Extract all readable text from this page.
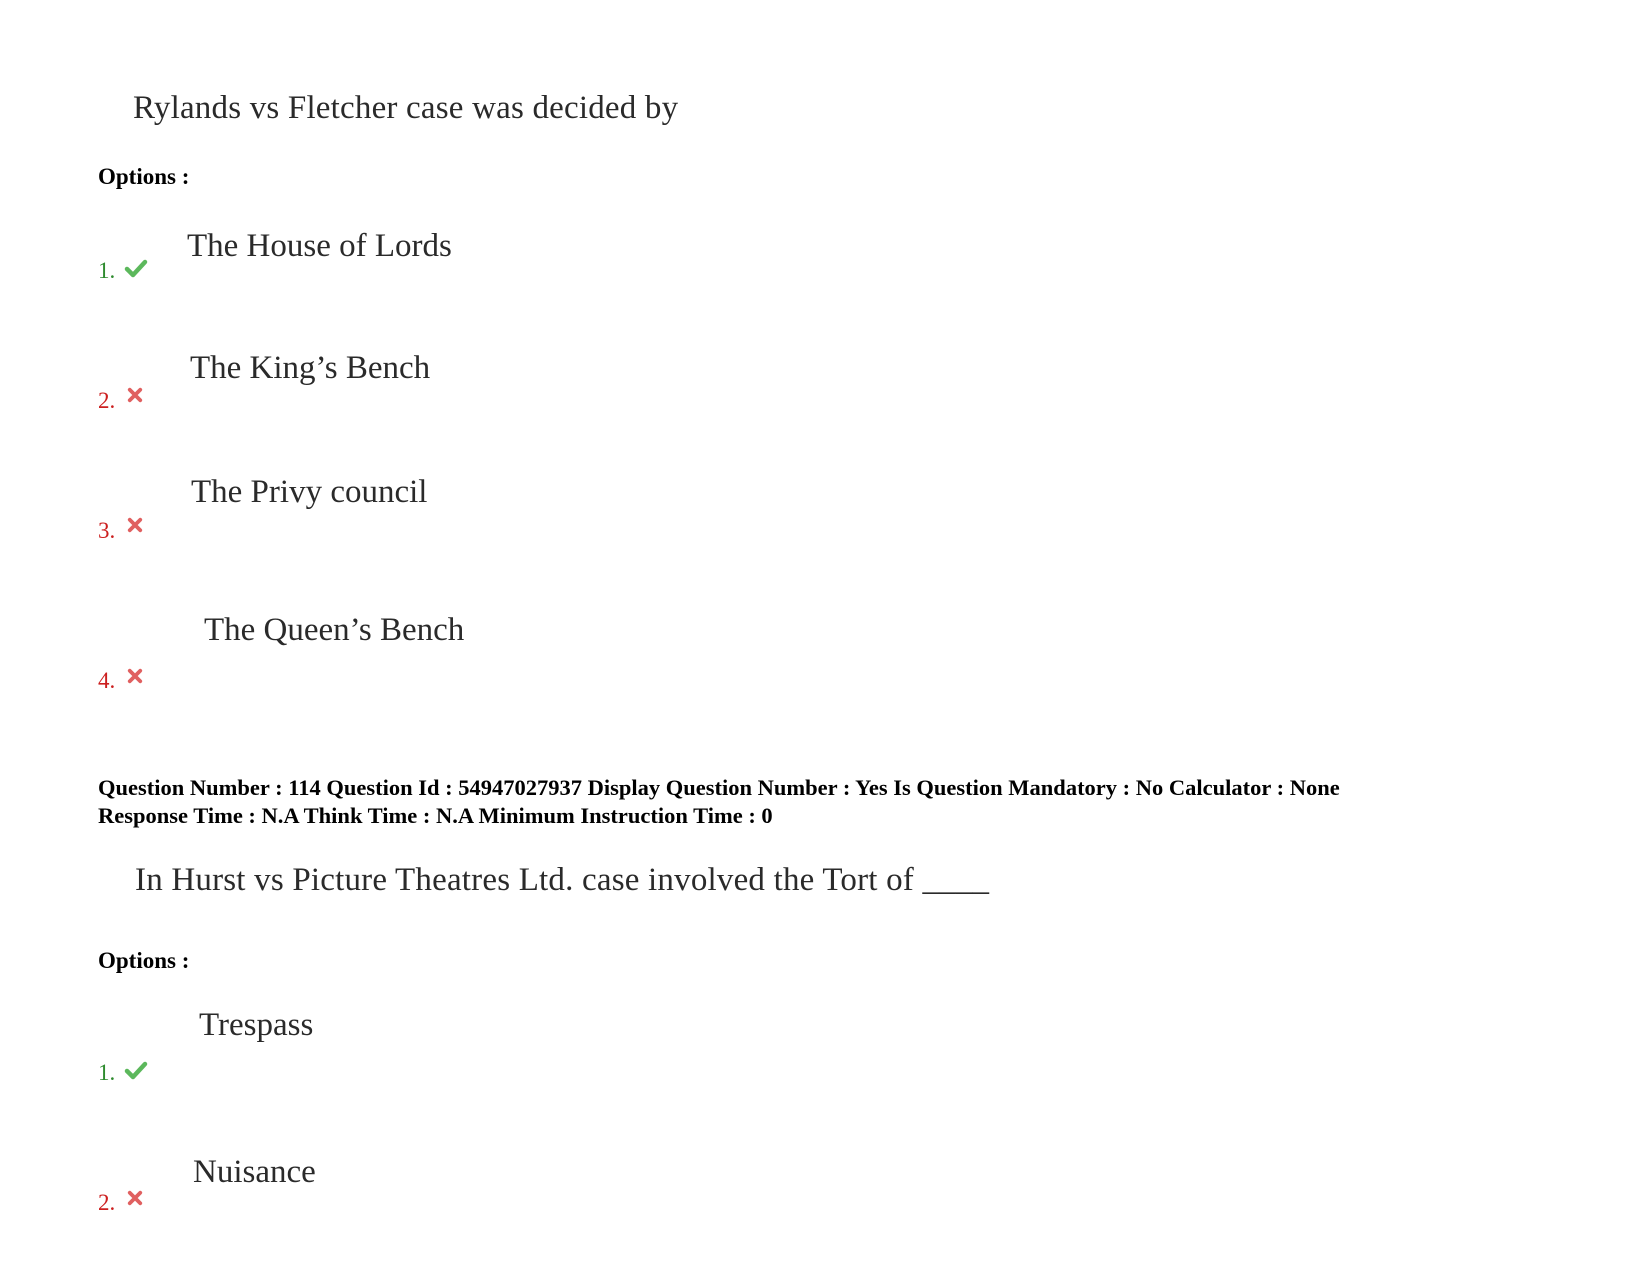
Rylands vs Fletcher case was decided by
Options :
The House of Lords
1.
The King’s Bench
2.
The Privy council
3.
The Queen’s Bench
4.
Question Number : 114 Question Id : 54947027937 Display Question Number : Yes Is Question Mandatory : No Calculator : None
Response Time : N.A Think Time : N.A Minimum Instruction Time : 0
In Hurst vs Picture Theatres Ltd. case involved the Tort of ____
Options :
Trespass
1.
Nuisance
2.
